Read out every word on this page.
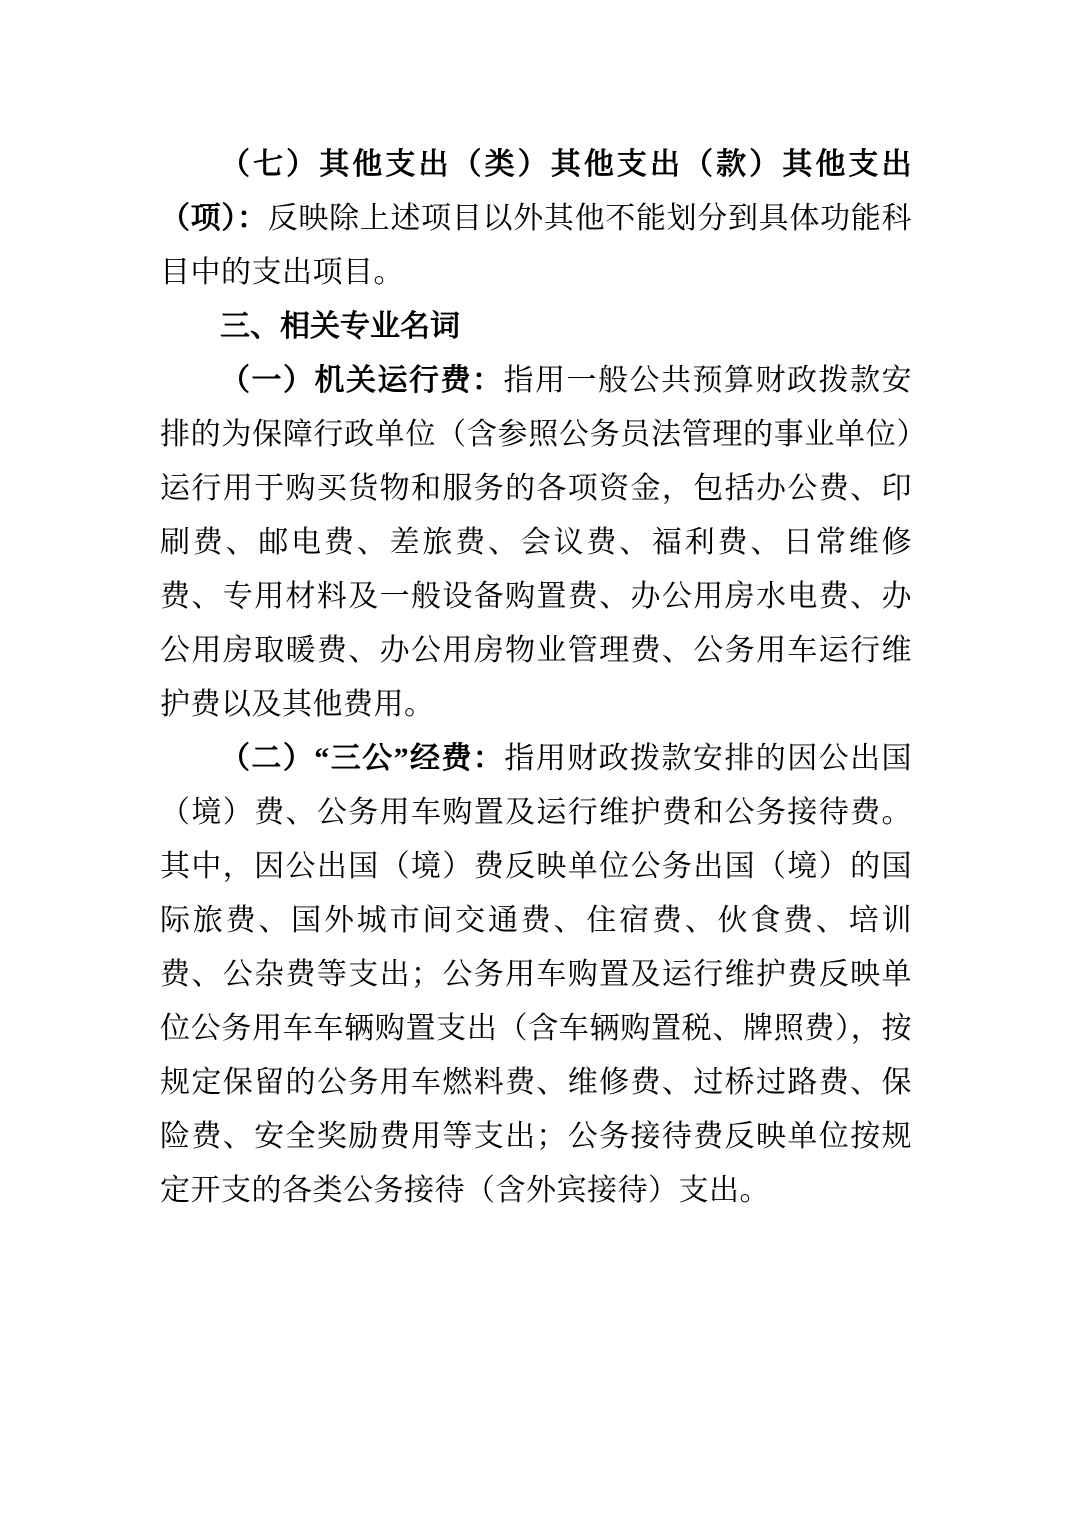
（七）其他支出（类）其他支出（款）其他支出（项）：反映除上述项目以外其他不能划分到具体功能科目中的支出项目。

三、相关专业名词

（一）机关运行费：指用一般公共预算财政拨款安排的为保障行政单位（含参照公务员法管理的事业单位）运行用于购买货物和服务的各项资金，包括办公费、印刷费、邮电费、差旅费、会议费、福利费、日常维修费、专用材料及一般设备购置费、办公用房水电费、办公用房取暖费、办公用房物业管理费、公务用车运行维护费以及其他费用。

（二）“三公”经费：指用财政拨款安排的因公出国（境）费、公务用车购置及运行维护费和公务接待费。其中，因公出国（境）费反映单位公务出国（境）的国际旅费、国外城市间交通费、住宿费、伙食费、培训费、公杂费等支出；公务用车购置及运行维护费反映单位公务用车车辆购置支出（含车辆购置税、牌照费），按规定保留的公务用车燃料费、维修费、过桥过路费、保险费、安全奖励费用等支出；公务接待费反映单位按规定开支的各类公务接待（含外宾接待）支出。
